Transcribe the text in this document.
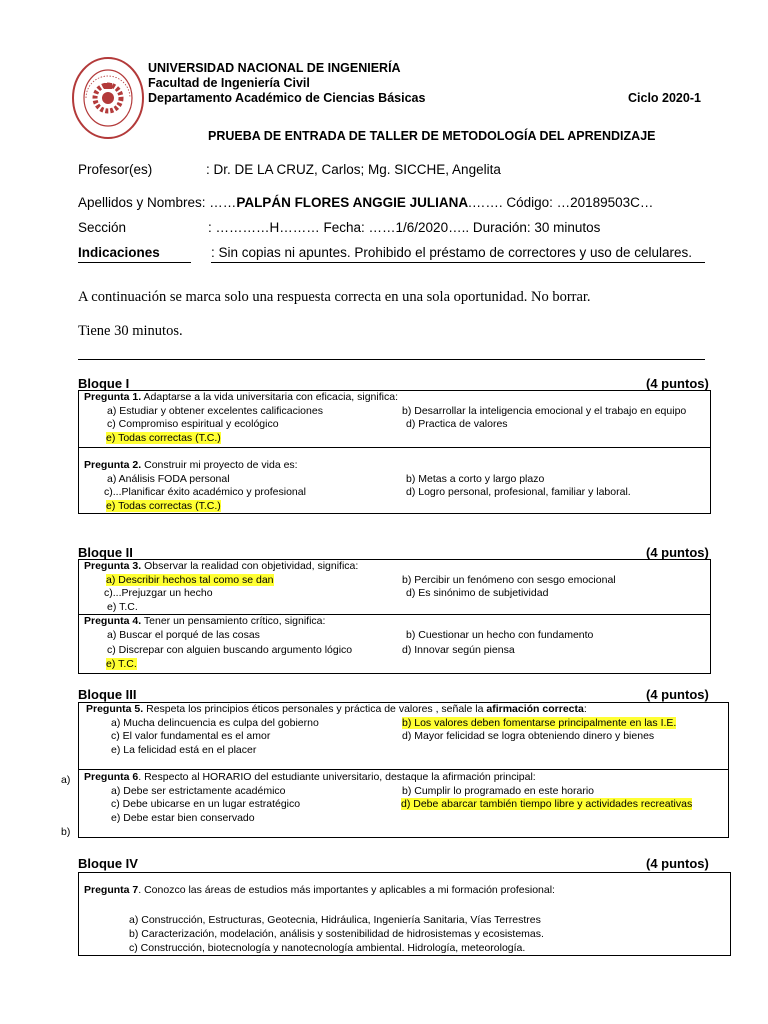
UNIVERSIDAD NACIONAL DE INGENIERÍA
Facultad de Ingeniería Civil
Departamento Académico de Ciencias Básicas	Ciclo 2020-1
PRUEBA DE ENTRADA DE TALLER DE METODOLOGÍA DEL APRENDIZAJE
Profesor(es)	: Dr. DE LA CRUZ, Carlos; Mg. SICCHE, Angelita
Apellidos y Nombres: ……PALPÁN FLORES ANGGIE JULIANA.……. Código: …20189503C…
Sección	: …………H……… Fecha: ……1/6/2020….. Duración: 30 minutos
Indicaciones	: Sin copias ni apuntes. Prohibido el préstamo de correctores y uso de celulares.
A continuación se marca solo una respuesta correcta en una sola oportunidad. No borrar.
Tiene 30 minutos.
Bloque I	(4 puntos)
Pregunta 1. Adaptarse a la vida universitaria con eficacia, significa:
a) Estudiar y obtener excelentes calificaciones	b) Desarrollar la inteligencia emocional y el trabajo en equipo
c) Compromiso espiritual y ecológico	d) Practica de valores
e) Todas correctas (T.C.)
Pregunta 2. Construir mi proyecto de vida es:
a) Análisis FODA personal	b) Metas a corto y largo plazo
c)...Planificar éxito académico y profesional	d) Logro personal, profesional, familiar y laboral.
e) Todas correctas (T.C.)
Bloque II	(4 puntos)
Pregunta 3. Observar la realidad con objetividad, significa:
a) Describir hechos tal como se dan	b) Percibir un fenómeno con sesgo emocional
c)...Prejuzgar un hecho	d) Es sinónimo de subjetividad
e) T.C.
Pregunta 4. Tener un pensamiento crítico, significa:
a) Buscar el porqué de las cosas	b) Cuestionar un hecho con fundamento
c) Discrepar con alguien buscando argumento lógico	d) Innovar según piensa
e) T.C.
Bloque III	(4 puntos)
Pregunta 5. Respeta los principios éticos personales y práctica de valores , señale la afirmación correcta:
a) Mucha delincuencia es culpa del gobierno	b) Los valores deben fomentarse principalmente en las I.E.
c) El valor fundamental es el amor	d) Mayor felicidad se logra obteniendo dinero y bienes
e) La felicidad está en el placer
a)
b)
Pregunta 6. Respecto al HORARIO del estudiante universitario, destaque la afirmación principal:
a) Debe ser estrictamente académico	b) Cumplir lo programado en este horario
c) Debe ubicarse en un lugar estratégico	d) Debe abarcar también tiempo libre y actividades recreativas
e) Debe estar bien conservado
Bloque IV	(4 puntos)
Pregunta 7. Conozco las áreas de estudios más importantes y aplicables a mi formación profesional:
a) Construcción, Estructuras, Geotecnia, Hidráulica, Ingeniería Sanitaria, Vías Terrestres
b) Caracterización, modelación, análisis y sostenibilidad de hidrosistemas y ecosistemas.
c) Construcción, biotecnología y nanotecnología ambiental. Hidrología, meteorología.
